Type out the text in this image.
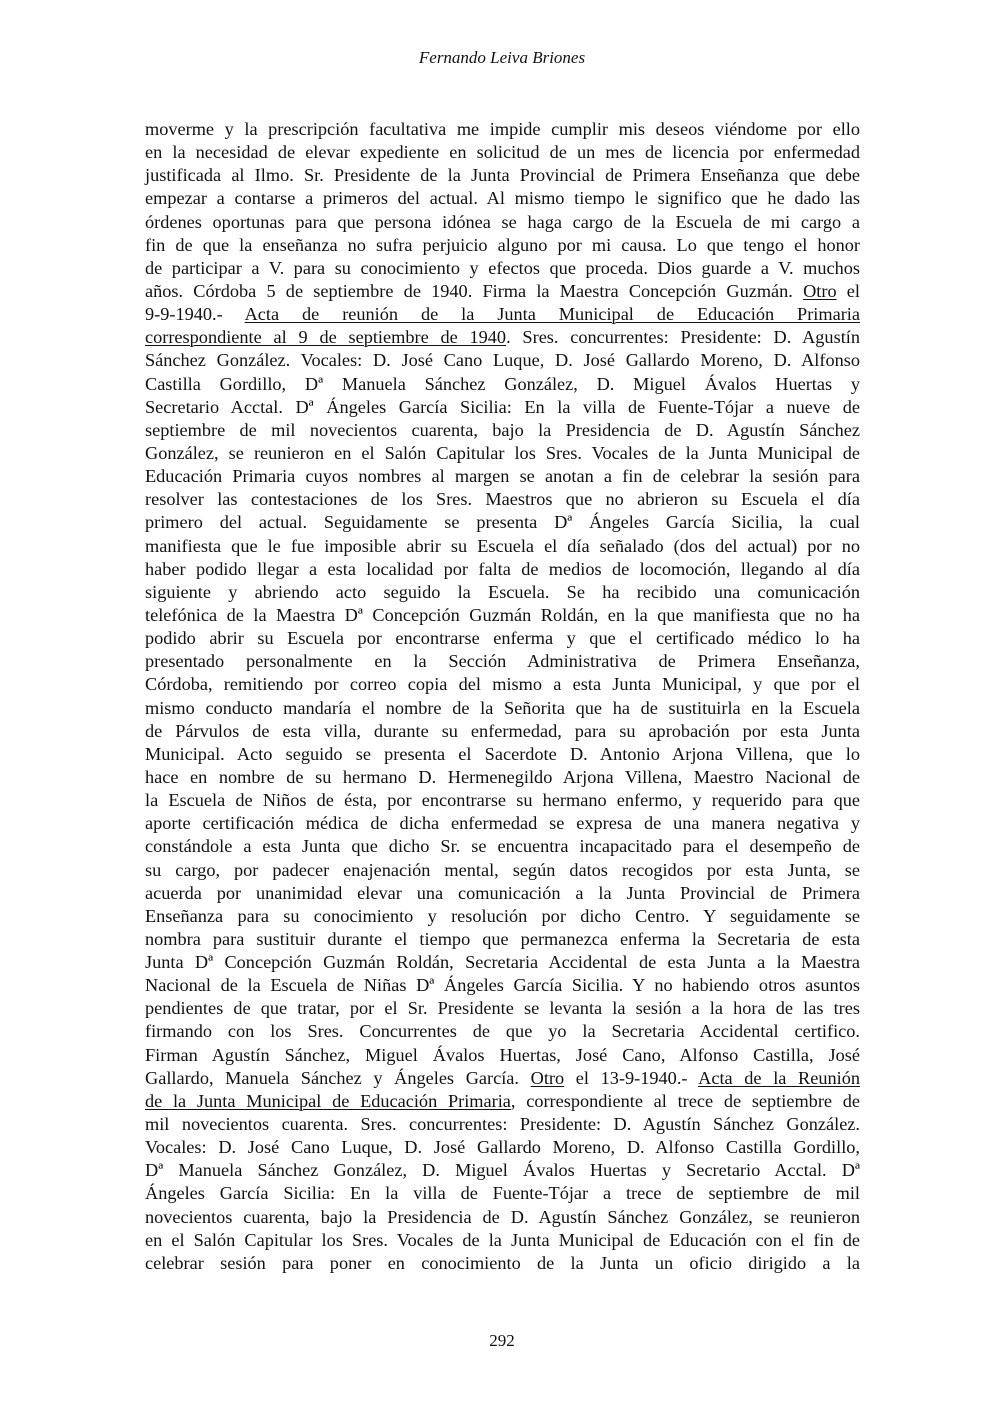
Fernando Leiva Briones
moverme y la prescripción facultativa me impide cumplir mis deseos viéndome por ello
en la necesidad de elevar expediente en solicitud de un mes de licencia por enfermedad
justificada al Ilmo. Sr. Presidente de la Junta Provincial de Primera Enseñanza que debe
empezar a contarse a primeros del actual. Al mismo tiempo le significo que he dado las
órdenes oportunas para que persona idónea se haga cargo de la Escuela de mi cargo a
fin de que la enseñanza no sufra perjuicio alguno por mi causa. Lo que tengo el honor
de participar a V. para su conocimiento y efectos que proceda. Dios guarde a V. muchos
años. Córdoba 5 de septiembre de 1940. Firma la Maestra Concepción Guzmán. Otro el
9-9-1940.- Acta de reunión de la Junta Municipal de Educación Primaria
correspondiente al 9 de septiembre de 1940. Sres. concurrentes: Presidente: D. Agustín
Sánchez González. Vocales: D. José Cano Luque, D. José Gallardo Moreno, D. Alfonso
Castilla Gordillo, Dª Manuela Sánchez González, D. Miguel Ávalos Huertas y
Secretario Acctal. Dª Ángeles García Sicilia: En la villa de Fuente-Tójar a nueve de
septiembre de mil novecientos cuarenta, bajo la Presidencia de D. Agustín Sánchez
González, se reunieron en el Salón Capitular los Sres. Vocales de la Junta Municipal de
Educación Primaria cuyos nombres al margen se anotan a fin de celebrar la sesión para
resolver las contestaciones de los Sres. Maestros que no abrieron su Escuela el día
primero del actual. Seguidamente se presenta Dª Ángeles García Sicilia, la cual
manifiesta que le fue imposible abrir su Escuela el día señalado (dos del actual) por no
haber podido llegar a esta localidad por falta de medios de locomoción, llegando al día
siguiente y abriendo acto seguido la Escuela. Se ha recibido una comunicación
telefónica de la Maestra Dª Concepción Guzmán Roldán, en la que manifiesta que no ha
podido abrir su Escuela por encontrarse enferma y que el certificado médico lo ha
presentado personalmente en la Sección Administrativa de Primera Enseñanza,
Córdoba, remitiendo por correo copia del mismo a esta Junta Municipal, y que por el
mismo conducto mandaría el nombre de la Señorita que ha de sustituirla en la Escuela
de Párvulos de esta villa, durante su enfermedad, para su aprobación por esta Junta
Municipal. Acto seguido se presenta el Sacerdote D. Antonio Arjona Villena, que lo
hace en nombre de su hermano D. Hermenegildo Arjona Villena, Maestro Nacional de
la Escuela de Niños de ésta, por encontrarse su hermano enfermo, y requerido para que
aporte certificación médica de dicha enfermedad se expresa de una manera negativa y
constándole a esta Junta que dicho Sr. se encuentra incapacitado para el desempeño de
su cargo, por padecer enajenación mental, según datos recogidos por esta Junta, se
acuerda por unanimidad elevar una comunicación a la Junta Provincial de Primera
Enseñanza para su conocimiento y resolución por dicho Centro. Y seguidamente se
nombra para sustituir durante el tiempo que permanezca enferma la Secretaria de esta
Junta Dª Concepción Guzmán Roldán, Secretaria Accidental de esta Junta a la Maestra
Nacional de la Escuela de Niñas Dª Ángeles García Sicilia. Y no habiendo otros asuntos
pendientes de que tratar, por el Sr. Presidente se levanta la sesión a la hora de las tres
firmando con los Sres. Concurrentes de que yo la Secretaria Accidental certifico.
Firman Agustín Sánchez, Miguel Ávalos Huertas, José Cano, Alfonso Castilla, José
Gallardo, Manuela Sánchez y Ángeles García. Otro el 13-9-1940.- Acta de la Reunión
de la Junta Municipal de Educación Primaria, correspondiente al trece de septiembre de
mil novecientos cuarenta. Sres. concurrentes: Presidente: D. Agustín Sánchez González.
Vocales: D. José Cano Luque, D. José Gallardo Moreno, D. Alfonso Castilla Gordillo,
Dª Manuela Sánchez González, D. Miguel Ávalos Huertas y Secretario Acctal. Dª
Ángeles García Sicilia: En la villa de Fuente-Tójar a trece de septiembre de mil
novecientos cuarenta, bajo la Presidencia de D. Agustín Sánchez González, se reunieron
en el Salón Capitular los Sres. Vocales de la Junta Municipal de Educación con el fin de
celebrar sesión para poner en conocimiento de la Junta un oficio dirigido a la
292
